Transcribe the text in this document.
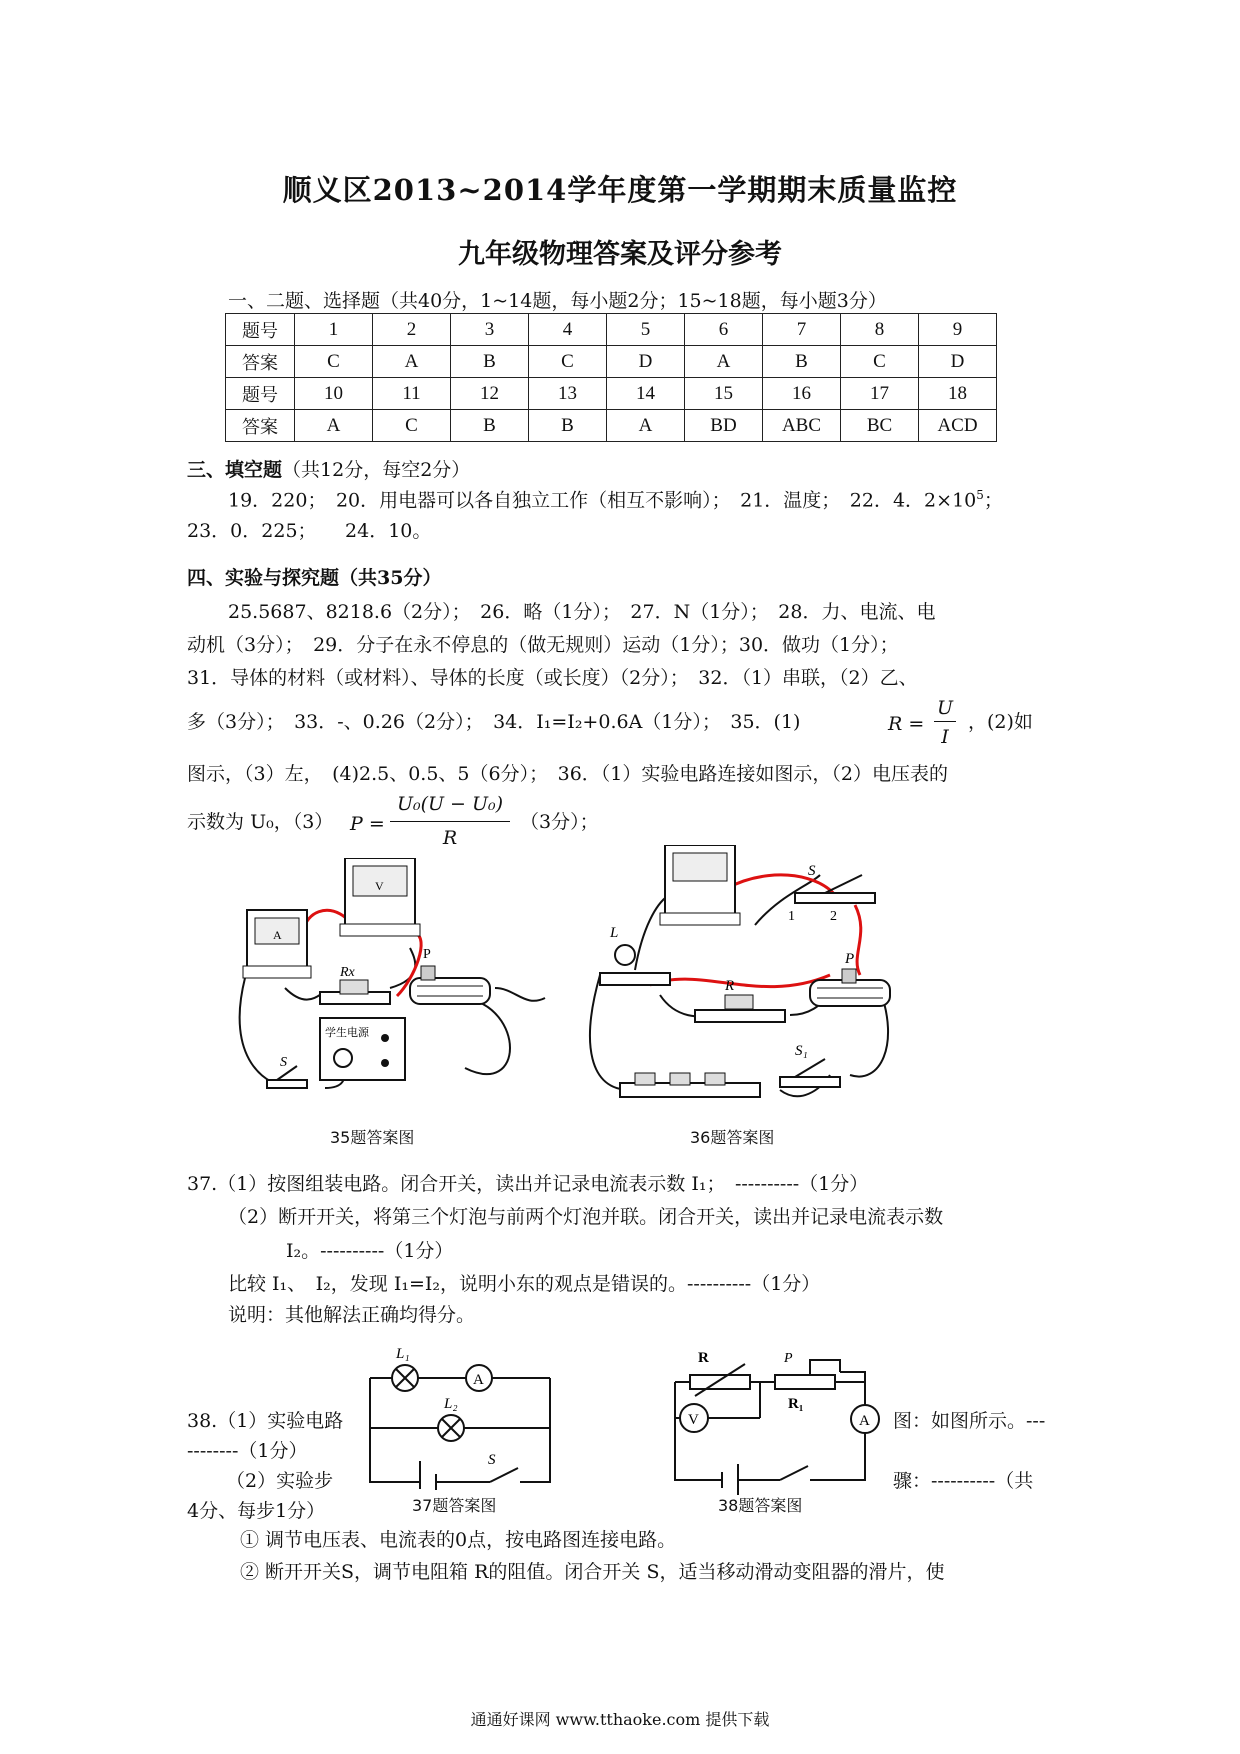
顺义区2013~2014学年度第一学期期末质量监控
九年级物理答案及评分参考
一、二题、选择题（共40分，1~14题，每小题2分；15~18题，每小题3分）
题号	1	2	3	4	5	6	7	8	9
答案	C	A	B	C	D	A	B	C	D
题号	10	11	12	13	14	15	16	17	18
答案	A	C	B	B	A	BD	ABC	BC	ACD
三、填空题（共12分，每空2分）
19．220；　20．用电器可以各自独立工作（相互不影响）；　21．温度；　22．4．$2\times 10^5$；
23．0．225；　　24．10。
四、实验与探究题（共35分）
25.5687、8218.6（2分）；　26．略（1分）；　27．N（1分）；　28．力、电流、电
动机（3分）；　29．分子在永不停息的（做无规则）运动（1分）；30．做功（1分）；
31．导体的材料（或材料）、导体的长度（或长度）（2分）；　32．（1）串联，（2）乙、
多（3分）；　33．-、0.26（2分）；　34．I₁=I₂+0.6A（1分）；　35．(1)	R =
U
I
，(2)如
图示，（3）左，　(4)2.5、0.5、5（6分）；　36．（1）实验电路连接如图示，（2）电压表的
示数为 U₀，（3） P =
U₀(U − U₀)
R
（3分）；
A
V
Rx
P
学生电源
S
35题答案图
S
1	2
L
R
P
S₁
36题答案图
37.（1）按图组装电路。闭合开关，读出并记录电流表示数 I₁；　----------（1分）
（2）断开开关，将第三个灯泡与前两个灯泡并联。闭合开关，读出并记录电流表示数
I₂。----------（1分）
比较 I₁、　I₂，发现 I₁=I₂，说明小东的观点是错误的。----------（1分）
说明：其他解法正确均得分。
L₁
A
L₂
S
37题答案图
R	P
R₁
V	A
38题答案图
38.（1）实验电路
--------（1分）
（2）实验步
4分、每步1分）
图：如图所示。---
骤：----------（共
① 调节电压表、电流表的0点，按电路图连接电路。
② 断开开关S，调节电阻箱 R的阻值。闭合开关 S，适当移动滑动变阻器的滑片，使
通通好课网 www.tthaoke.com 提供下载
